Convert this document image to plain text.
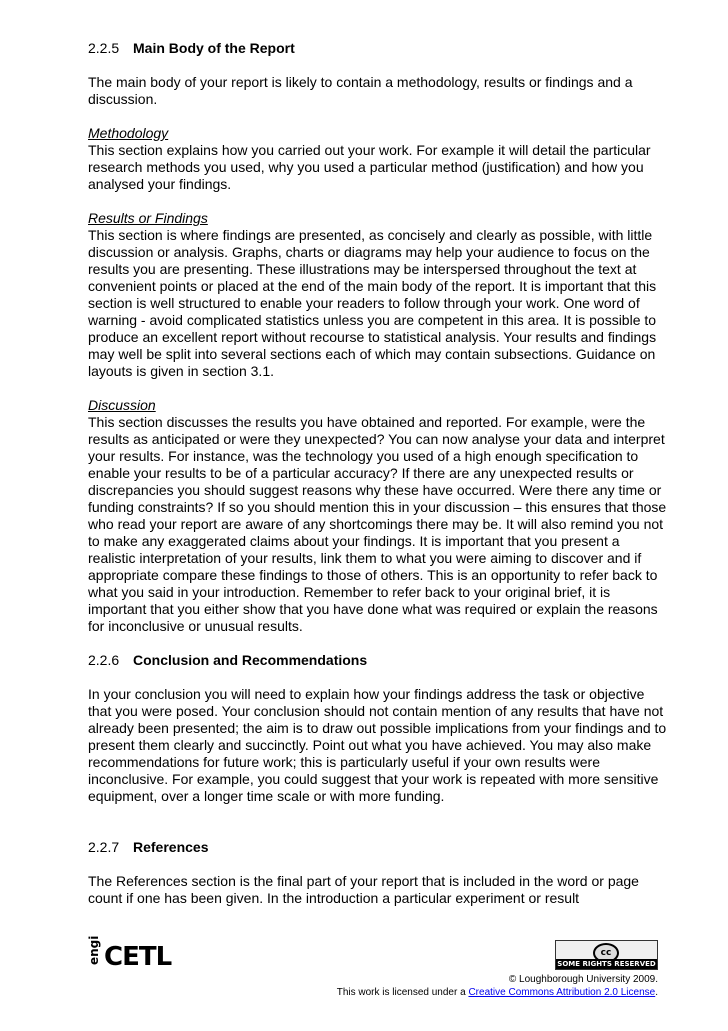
2.2.5 Main Body of the Report

The main body of your report is likely to contain a methodology, results or findings and a discussion.

Methodology
This section explains how you carried out your work. For example it will detail the particular research methods you used, why you used a particular method (justification) and how you analysed your findings.

Results or Findings
This section is where findings are presented, as concisely and clearly as possible, with little discussion or analysis. Graphs, charts or diagrams may help your audience to focus on the results you are presenting. These illustrations may be interspersed throughout the text at convenient points or placed at the end of the main body of the report. It is important that this section is well structured to enable your readers to follow through your work. One word of warning - avoid complicated statistics unless you are competent in this area. It is possible to produce an excellent report without recourse to statistical analysis. Your results and findings may well be split into several sections each of which may contain subsections. Guidance on layouts is given in section 3.1.

Discussion
This section discusses the results you have obtained and reported. For example, were the results as anticipated or were they unexpected? You can now analyse your data and interpret your results. For instance, was the technology you used of a high enough specification to enable your results to be of a particular accuracy? If there are any unexpected results or discrepancies you should suggest reasons why these have occurred. Were there any time or funding constraints? If so you should mention this in your discussion – this ensures that those who read your report are aware of any shortcomings there may be. It will also remind you not to make any exaggerated claims about your findings. It is important that you present a realistic interpretation of your results, link them to what you were aiming to discover and if appropriate compare these findings to those of others. This is an opportunity to refer back to what you said in your introduction. Remember to refer back to your original brief, it is important that you either show that you have done what was required or explain the reasons for inconclusive or unusual results.

2.2.6 Conclusion and Recommendations

In your conclusion you will need to explain how your findings address the task or objective that you were posed. Your conclusion should not contain mention of any results that have not already been presented; the aim is to draw out possible implications from your findings and to present them clearly and succinctly. Point out what you have achieved. You may also make recommendations for future work; this is particularly useful if your own results were inconclusive. For example, you could suggest that your work is repeated with more sensitive equipment, over a longer time scale or with more funding.

2.2.7 References

The References section is the final part of your report that is included in the word or page count if one has been given. In the introduction a particular experiment or result

engi CETL	cc
SOME RIGHTS RESERVED
© Loughborough University 2009.
This work is licensed under a Creative Commons Attribution 2.0 License.
